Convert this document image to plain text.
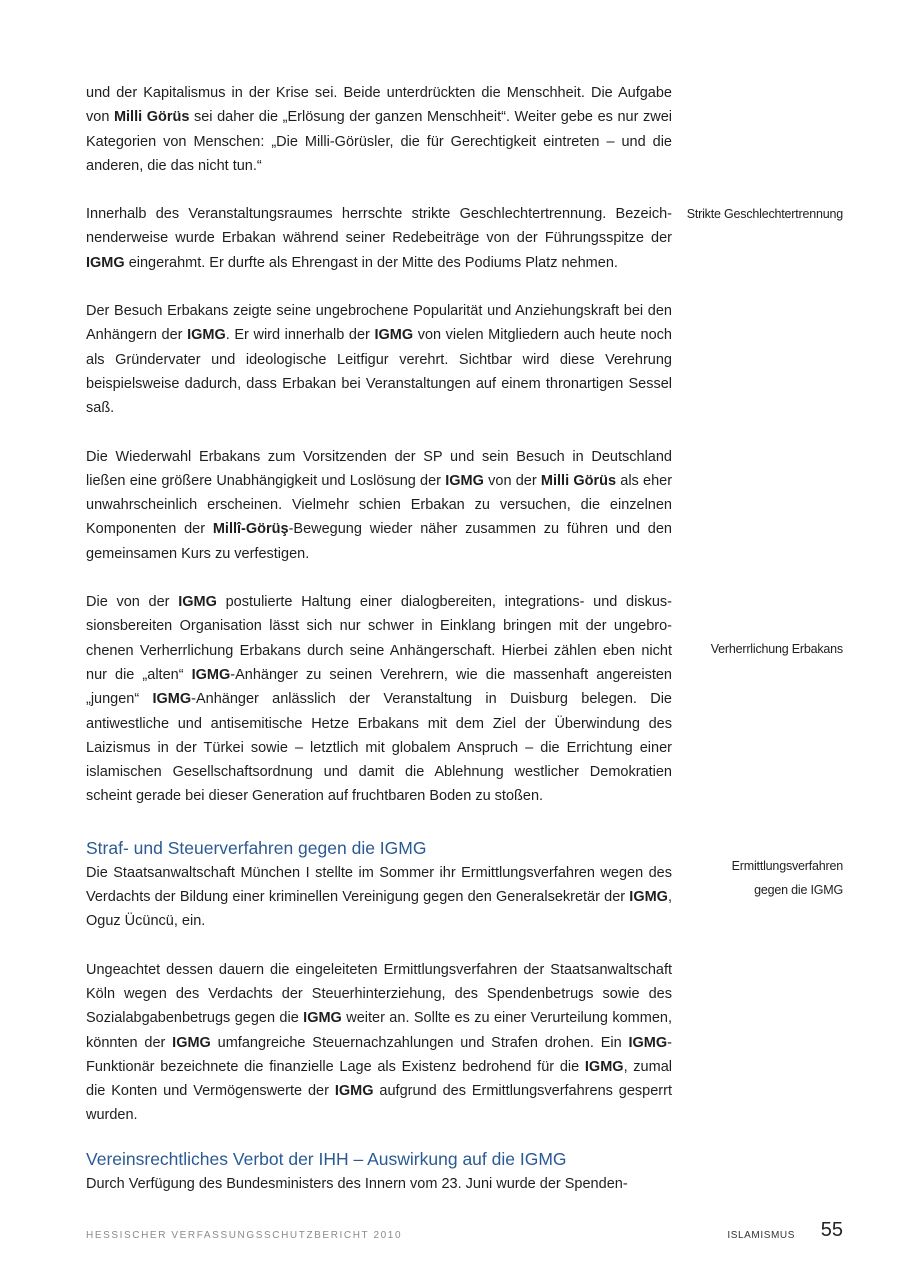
und der Kapitalismus in der Krise sei. Beide unterdrückten die Menschheit. Die Aufgabe von Milli Görüs sei daher die „Erlösung der ganzen Menschheit“. Weiter gebe es nur zwei Kategorien von Menschen: „Die Milli-Görüsler, die für Gerechtigkeit eintreten – und die anderen, die das nicht tun.“

Innerhalb des Veranstaltungsraumes herrschte strikte Geschlechtertrennung. Bezeichnenderweise wurde Erbakan während seiner Redebeiträge von der Führungsspitze der IGMG eingerahmt. Er durfte als Ehrengast in der Mitte des Podiums Platz nehmen.

Der Besuch Erbakans zeigte seine ungebrochene Popularität und Anziehungskraft bei den Anhängern der IGMG. Er wird innerhalb der IGMG von vielen Mitgliedern auch heute noch als Gründervater und ideologische Leitfigur verehrt. Sichtbar wird diese Verehrung beispielsweise dadurch, dass Erbakan bei Veranstaltungen auf einem thronartigen Sessel saß.

Die Wiederwahl Erbakans zum Vorsitzenden der SP und sein Besuch in Deutschland ließen eine größere Unabhängigkeit und Loslösung der IGMG von der Milli Görüs als eher unwahrscheinlich erscheinen. Vielmehr schien Erbakan zu versuchen, die einzelnen Komponenten der Millî-Görüş-Bewegung wieder näher zusammen zu führen und den gemeinsamen Kurs zu verfestigen.

Die von der IGMG postulierte Haltung einer dialogbereiten, integrations- und diskussionsbereiten Organisation lässt sich nur schwer in Einklang bringen mit der ungebrochenen Verherrlichung Erbakans durch seine Anhängerschaft. Hierbei zählen eben nicht nur die „alten“ IGMG-Anhänger zu seinen Verehrern, wie die massenhaft angereisten „jungen“ IGMG-Anhänger anlässlich der Veranstaltung in Duisburg belegen. Die antiwestliche und antisemitische Hetze Erbakans mit dem Ziel der Überwindung des Laizismus in der Türkei sowie – letztlich mit globalem Anspruch – die Errichtung einer islamischen Gesellschaftsordnung und damit die Ablehnung westlicher Demokratien scheint gerade bei dieser Generation auf fruchtbaren Boden zu stoßen.

Straf- und Steuerverfahren gegen die IGMG

Die Staatsanwaltschaft München I stellte im Sommer ihr Ermittlungsverfahren wegen des Verdachts der Bildung einer kriminellen Vereinigung gegen den Generalsekretär der IGMG, Oguz Ücüncü, ein.

Ungeachtet dessen dauern die eingeleiteten Ermittlungsverfahren der Staatsanwaltschaft Köln wegen des Verdachts der Steuerhinterziehung, des Spendenbetrugs sowie des Sozialabgabenbetrugs gegen die IGMG weiter an. Sollte es zu einer Verurteilung kommen, könnten der IGMG umfangreiche Steuernachzahlungen und Strafen drohen. Ein IGMG-Funktionär bezeichnete die finanzielle Lage als Existenz bedrohend für die IGMG, zumal die Konten und Vermögenswerte der IGMG aufgrund des Ermittlungsverfahrens gesperrt wurden.

Vereinsrechtliches Verbot der IHH – Auswirkung auf die IGMG

Durch Verfügung des Bundesministers des Innern vom 23. Juni wurde der Spenden-

Strikte Geschlechtertrennung
Verherrlichung Erbakans
Ermittlungsverfahren
gegen die IGMG
HESSISCHER VERFASSUNGSSCHUTZBERICHT 2010	ISLAMISMUS 55
